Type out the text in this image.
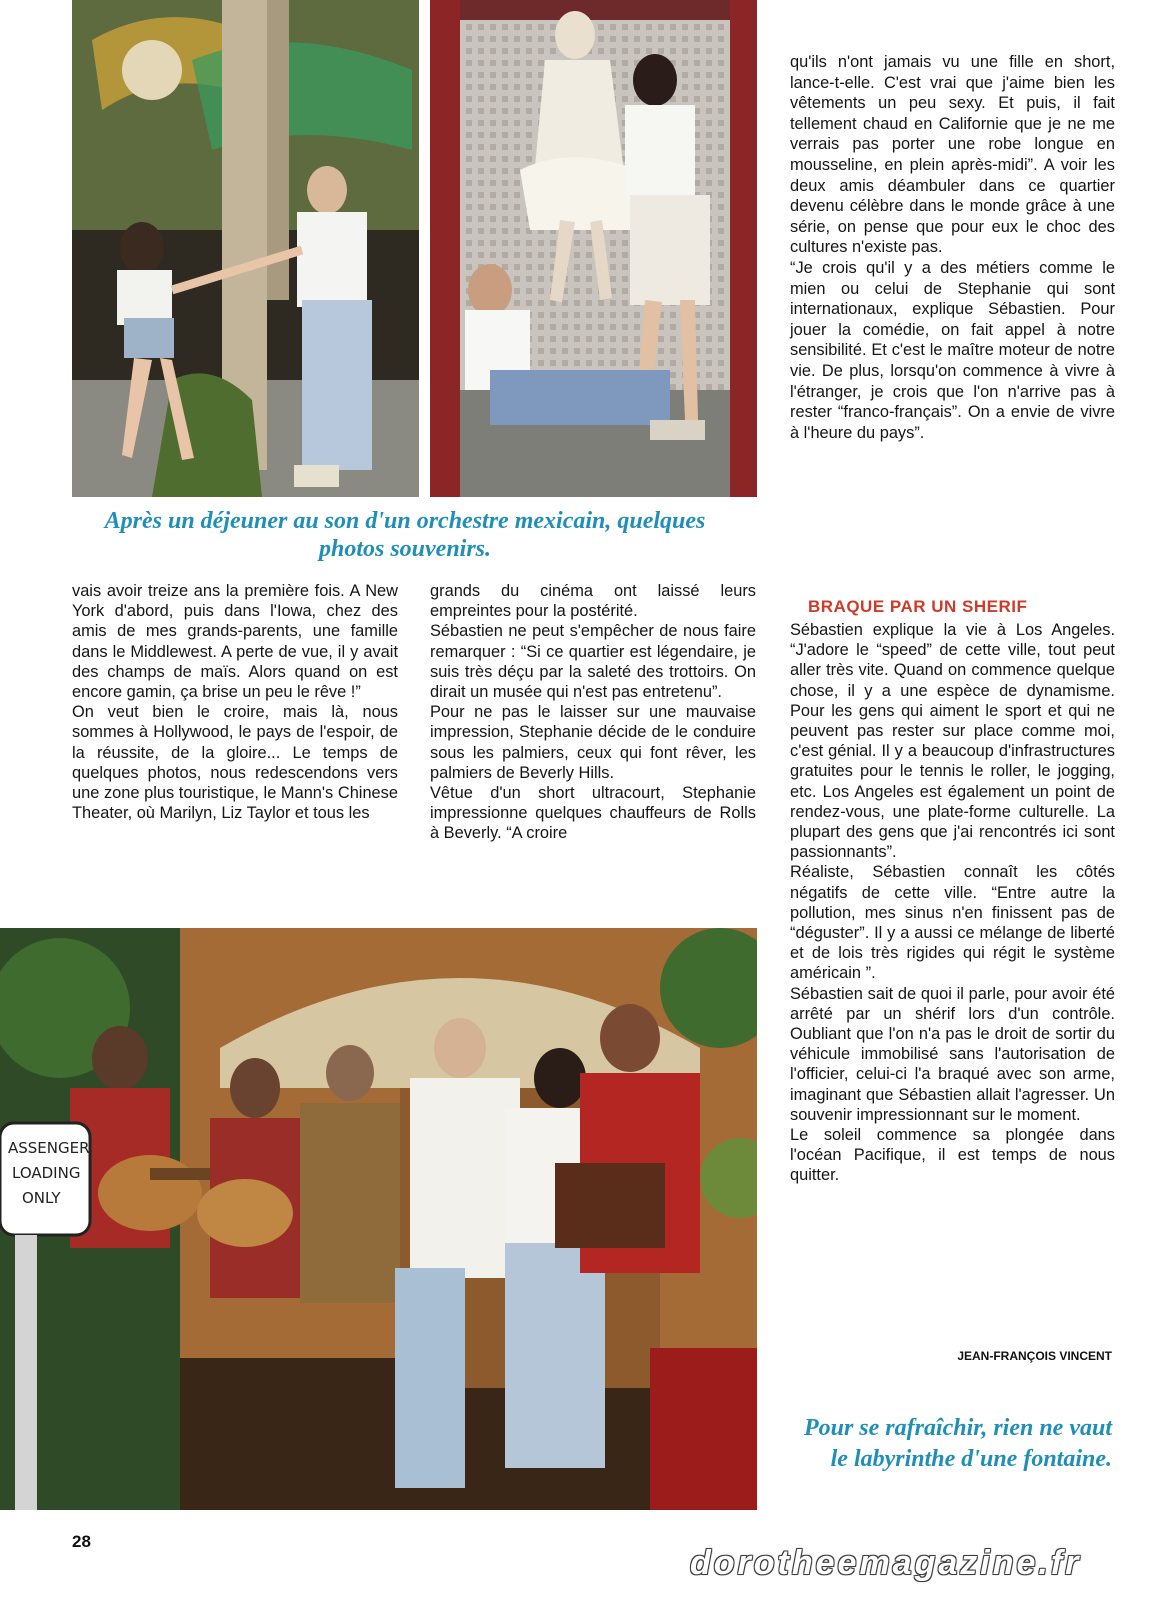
ASSENGER
LOADING
ONLY
Après un déjeuner au son d'un orchestre mexicain, quelques photos souvenirs.

vais avoir treize ans la première fois. A New York d'abord, puis dans l'Iowa, chez des amis de mes grands-parents, une famille dans le Middlewest. A perte de vue, il y avait des champs de maïs. Alors quand on est encore gamin, ça brise un peu le rêve !”

On veut bien le croire, mais là, nous sommes à Hollywood, le pays de l'espoir, de la réussite, de la gloire... Le temps de quelques photos, nous redescendons vers une zone plus touristique, le Mann's Chinese Theater, où Marilyn, Liz Taylor et tous les

grands du cinéma ont laissé leurs empreintes pour la postérité.

Sébastien ne peut s'empêcher de nous faire remarquer : “Si ce quartier est légendaire, je suis très déçu par la saleté des trottoirs. On dirait un musée qui n'est pas entretenu”.

Pour ne pas le laisser sur une mauvaise impression, Stephanie décide de le conduire sous les palmiers, ceux qui font rêver, les palmiers de Beverly Hills.

Vêtue d'un short ultracourt, Stephanie impressionne quelques chauffeurs de Rolls à Beverly. “A croire

qu'ils n'ont jamais vu une fille en short, lance-t-elle. C'est vrai que j'aime bien les vêtements un peu sexy. Et puis, il fait tellement chaud en Californie que je ne me verrais pas porter une robe longue en mousseline, en plein après-midi”. A voir les deux amis déambuler dans ce quartier devenu célèbre dans le monde grâce à une série, on pense que pour eux le choc des cultures n'existe pas.

“Je crois qu'il y a des métiers comme le mien ou celui de Stephanie qui sont internationaux, explique Sébastien. Pour jouer la comédie, on fait appel à notre sensibilité. Et c'est le maître moteur de notre vie. De plus, lorsqu'on commence à vivre à l'étranger, je crois que l'on n'arrive pas à rester “franco-français”. On a envie de vivre à l'heure du pays”.

BRAQUE PAR UN SHERIF

Sébastien explique la vie à Los Angeles. “J'adore le “speed” de cette ville, tout peut aller très vite. Quand on commence quelque chose, il y a une espèce de dynamisme. Pour les gens qui aiment le sport et qui ne peuvent pas rester sur place comme moi, c'est génial. Il y a beaucoup d'infrastructures gratuites pour le tennis le roller, le jogging, etc. Los Angeles est également un point de rendez-vous, une plate-forme culturelle. La plupart des gens que j'ai rencontrés ici sont passionnants”.

Réaliste, Sébastien connaît les côtés négatifs de cette ville. “Entre autre la pollution, mes sinus n'en finissent pas de “déguster”. Il y a aussi ce mélange de liberté et de lois très rigides qui régit le système américain ”.

Sébastien sait de quoi il parle, pour avoir été arrêté par un shérif lors d'un contrôle. Oubliant que l'on n'a pas le droit de sortir du véhicule immobilisé sans l'autorisation de l'officier, celui-ci l'a braqué avec son arme, imaginant que Sébastien allait l'agresser. Un souvenir impressionnant sur le moment.

Le soleil commence sa plongée dans l'océan Pacifique, il est temps de nous quitter.

JEAN-FRANÇOIS VINCENT
Pour se rafraîchir, rien ne vaut le labyrinthe d'une fontaine.
28
dorotheemagazine.fr
